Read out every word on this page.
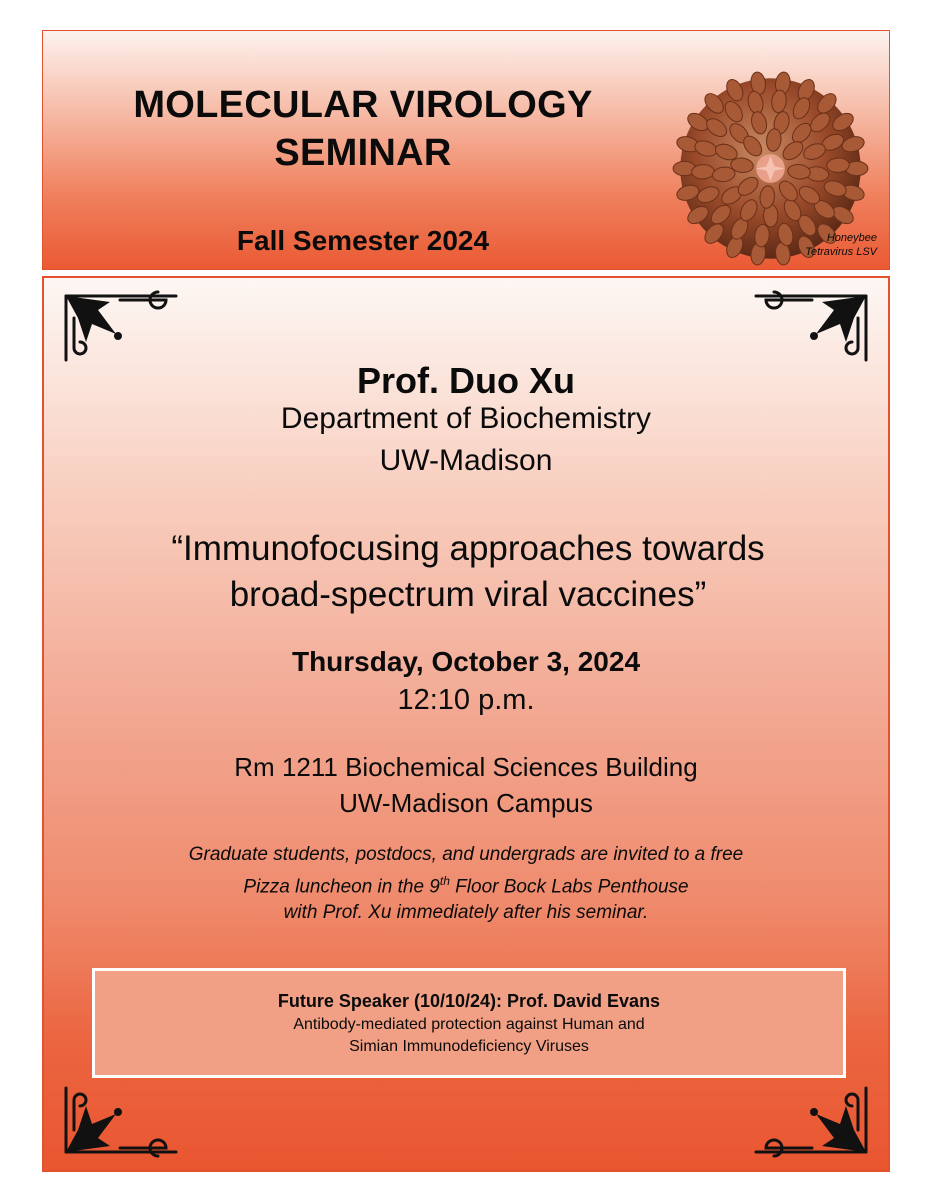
MOLECULAR VIROLOGY
SEMINAR
Fall Semester 2024	Honeybee
Tetravirus LSV
Prof. Duo Xu
Department of Biochemistry
UW-Madison
“Immunofocusing approaches towards
broad-spectrum viral vaccines”
Thursday, October 3, 2024
12:10 p.m.
Rm 1211 Biochemical Sciences Building
UW-Madison Campus
Graduate students, postdocs, and undergrads are invited to a free
Pizza luncheon in the 9th Floor Bock Labs Penthouse
with Prof. Xu immediately after his seminar.
Future Speaker (10/10/24): Prof. David Evans
Antibody-mediated protection against Human and
Simian Immunodeficiency Viruses
